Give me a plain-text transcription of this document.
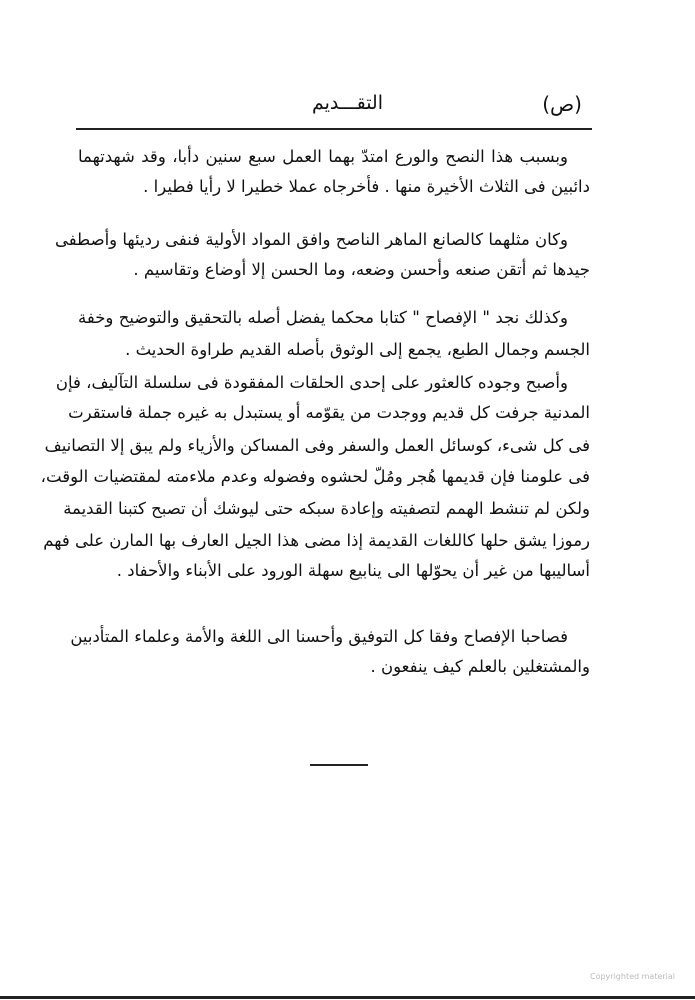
التقـــديم	(ص)
وبسبب هذا النصح والورع امتدّ بهما العمل سبع سنين دأبا، وقد شهدتهما
دائبين فى الثلاث الأخيرة منها . فأخرجاه عملا خطيرا لا رأيا فطيرا .
وكان مثلهما كالصانع الماهر الناصح وافق المواد الأولية فنفى رديئها وأصطفى
جيدها ثم أتقن صنعه وأحسن وضعه، وما الحسن إلا أوضاع وتقاسيم .
وكذلك نجد " الإفصاح " كتابا محكما يفضل أصله بالتحقيق والتوضيح وخفة
الجسم وجمال الطبع، يجمع إلى الوثوق بأصله القديم طراوة الحديث .
وأصبح وجوده كالعثور على إحدى الحلقات المفقودة فى سلسلة التآليف، فإن
المدنية جرفت كل قديم ووجدت من يقوّمه أو يستبدل به غيره جملة فاستقرت
فى كل شىء، كوسائل العمل والسفر وفى المساكن والأزياء ولم يبق إلا التصانيف
فى علومنا فإن قديمها هُجر ومُلّ لحشوه وفضوله وعدم ملاءمته لمقتضيات الوقت،
ولكن لم تنشط الهمم لتصفيته وإعادة سبكه حتى ليوشك أن تصبح كتبنا القديمة
رموزا يشق حلها كاللغات القديمة إذا مضى هذا الجيل العارف بها المارن على فهم
أساليبها من غير أن يحوّلها الى ينابيع سهلة الورود على الأبناء والأحفاد .
فصاحبا الإفصاح وفقا كل التوفيق وأحسنا الى اللغة والأمة وعلماء المتأدبين
والمشتغلين بالعلم كيف ينفعون .
Copyrighted material
